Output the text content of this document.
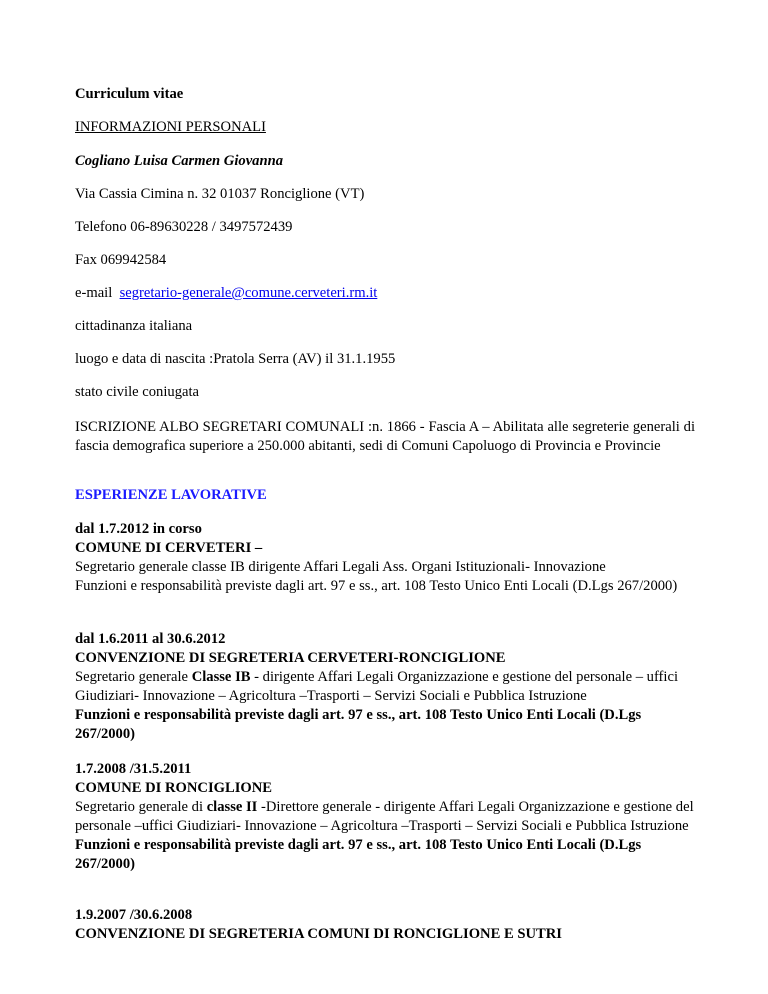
Curriculum vitae

INFORMAZIONI PERSONALI

Cogliano Luisa Carmen Giovanna

Via Cassia Cimina n. 32 01037 Ronciglione (VT)

Telefono 06-89630228 / 3497572439

Fax 069942584

e-mail segretario-generale@comune.cerveteri.rm.it

cittadinanza italiana

luogo e data di nascita :Pratola Serra (AV) il 31.1.1955

stato civile coniugata

ISCRIZIONE ALBO SEGRETARI COMUNALI :n. 1866 - Fascia A – Abilitata alle segreterie generali di fascia demografica superiore a 250.000 abitanti, sedi di Comuni Capoluogo di Provincia e Provincie

ESPERIENZE LAVORATIVE

dal 1.7.2012 in corso
COMUNE DI CERVETERI –
Segretario generale classe IB dirigente Affari Legali Ass. Organi Istituzionali- Innovazione
Funzioni e responsabilità previste dagli art. 97 e ss., art. 108 Testo Unico Enti Locali (D.Lgs 267/2000)
dal 1.6.2011 al 30.6.2012
CONVENZIONE DI SEGRETERIA CERVETERI-RONCIGLIONE
Segretario generale Classe IB - dirigente Affari Legali Organizzazione e gestione del personale – uffici Giudiziari- Innovazione – Agricoltura –Trasporti – Servizi Sociali e Pubblica Istruzione
Funzioni e responsabilità previste dagli art. 97 e ss., art. 108 Testo Unico Enti Locali (D.Lgs 267/2000)
1.7.2008 /31.5.2011
COMUNE DI RONCIGLIONE
Segretario generale di classe II -Direttore generale - dirigente Affari Legali Organizzazione e gestione del personale –uffici Giudiziari- Innovazione – Agricoltura –Trasporti – Servizi Sociali e Pubblica Istruzione
Funzioni e responsabilità previste dagli art. 97 e ss., art. 108 Testo Unico Enti Locali (D.Lgs 267/2000)
1.9.2007 /30.6.2008
CONVENZIONE DI SEGRETERIA COMUNI DI RONCIGLIONE E SUTRI
